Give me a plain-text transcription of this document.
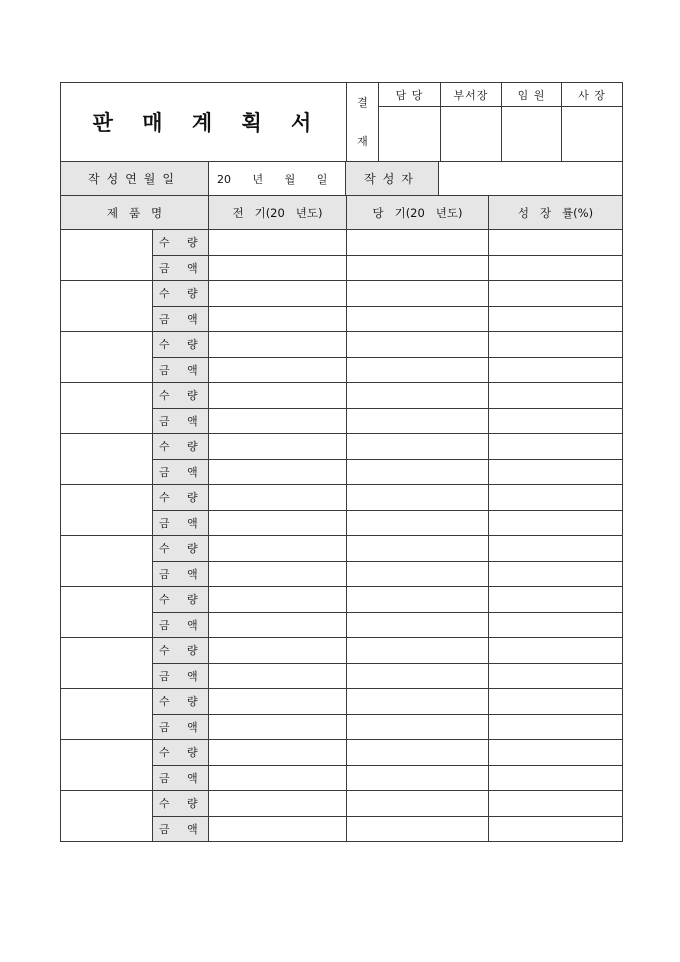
판 매 계 획 서	결
재	담 당	부서장	임 원	사 장

작성연월일	20 년 월 일	작성자	
제   품   명		전   기(20   년도)	당   기(20   년도)	성   장   률(%)
	수 량			
	금 액			
	수 량			
	금 액			
	수 량			
	금 액			
	수 량			
	금 액			
	수 량			
	금 액			
	수 량			
	금 액			
	수 량			
	금 액			
	수 량			
	금 액			
	수 량			
	금 액			
	수 량			
	금 액			
	수 량			
	금 액			
	수 량			
	금 액			
